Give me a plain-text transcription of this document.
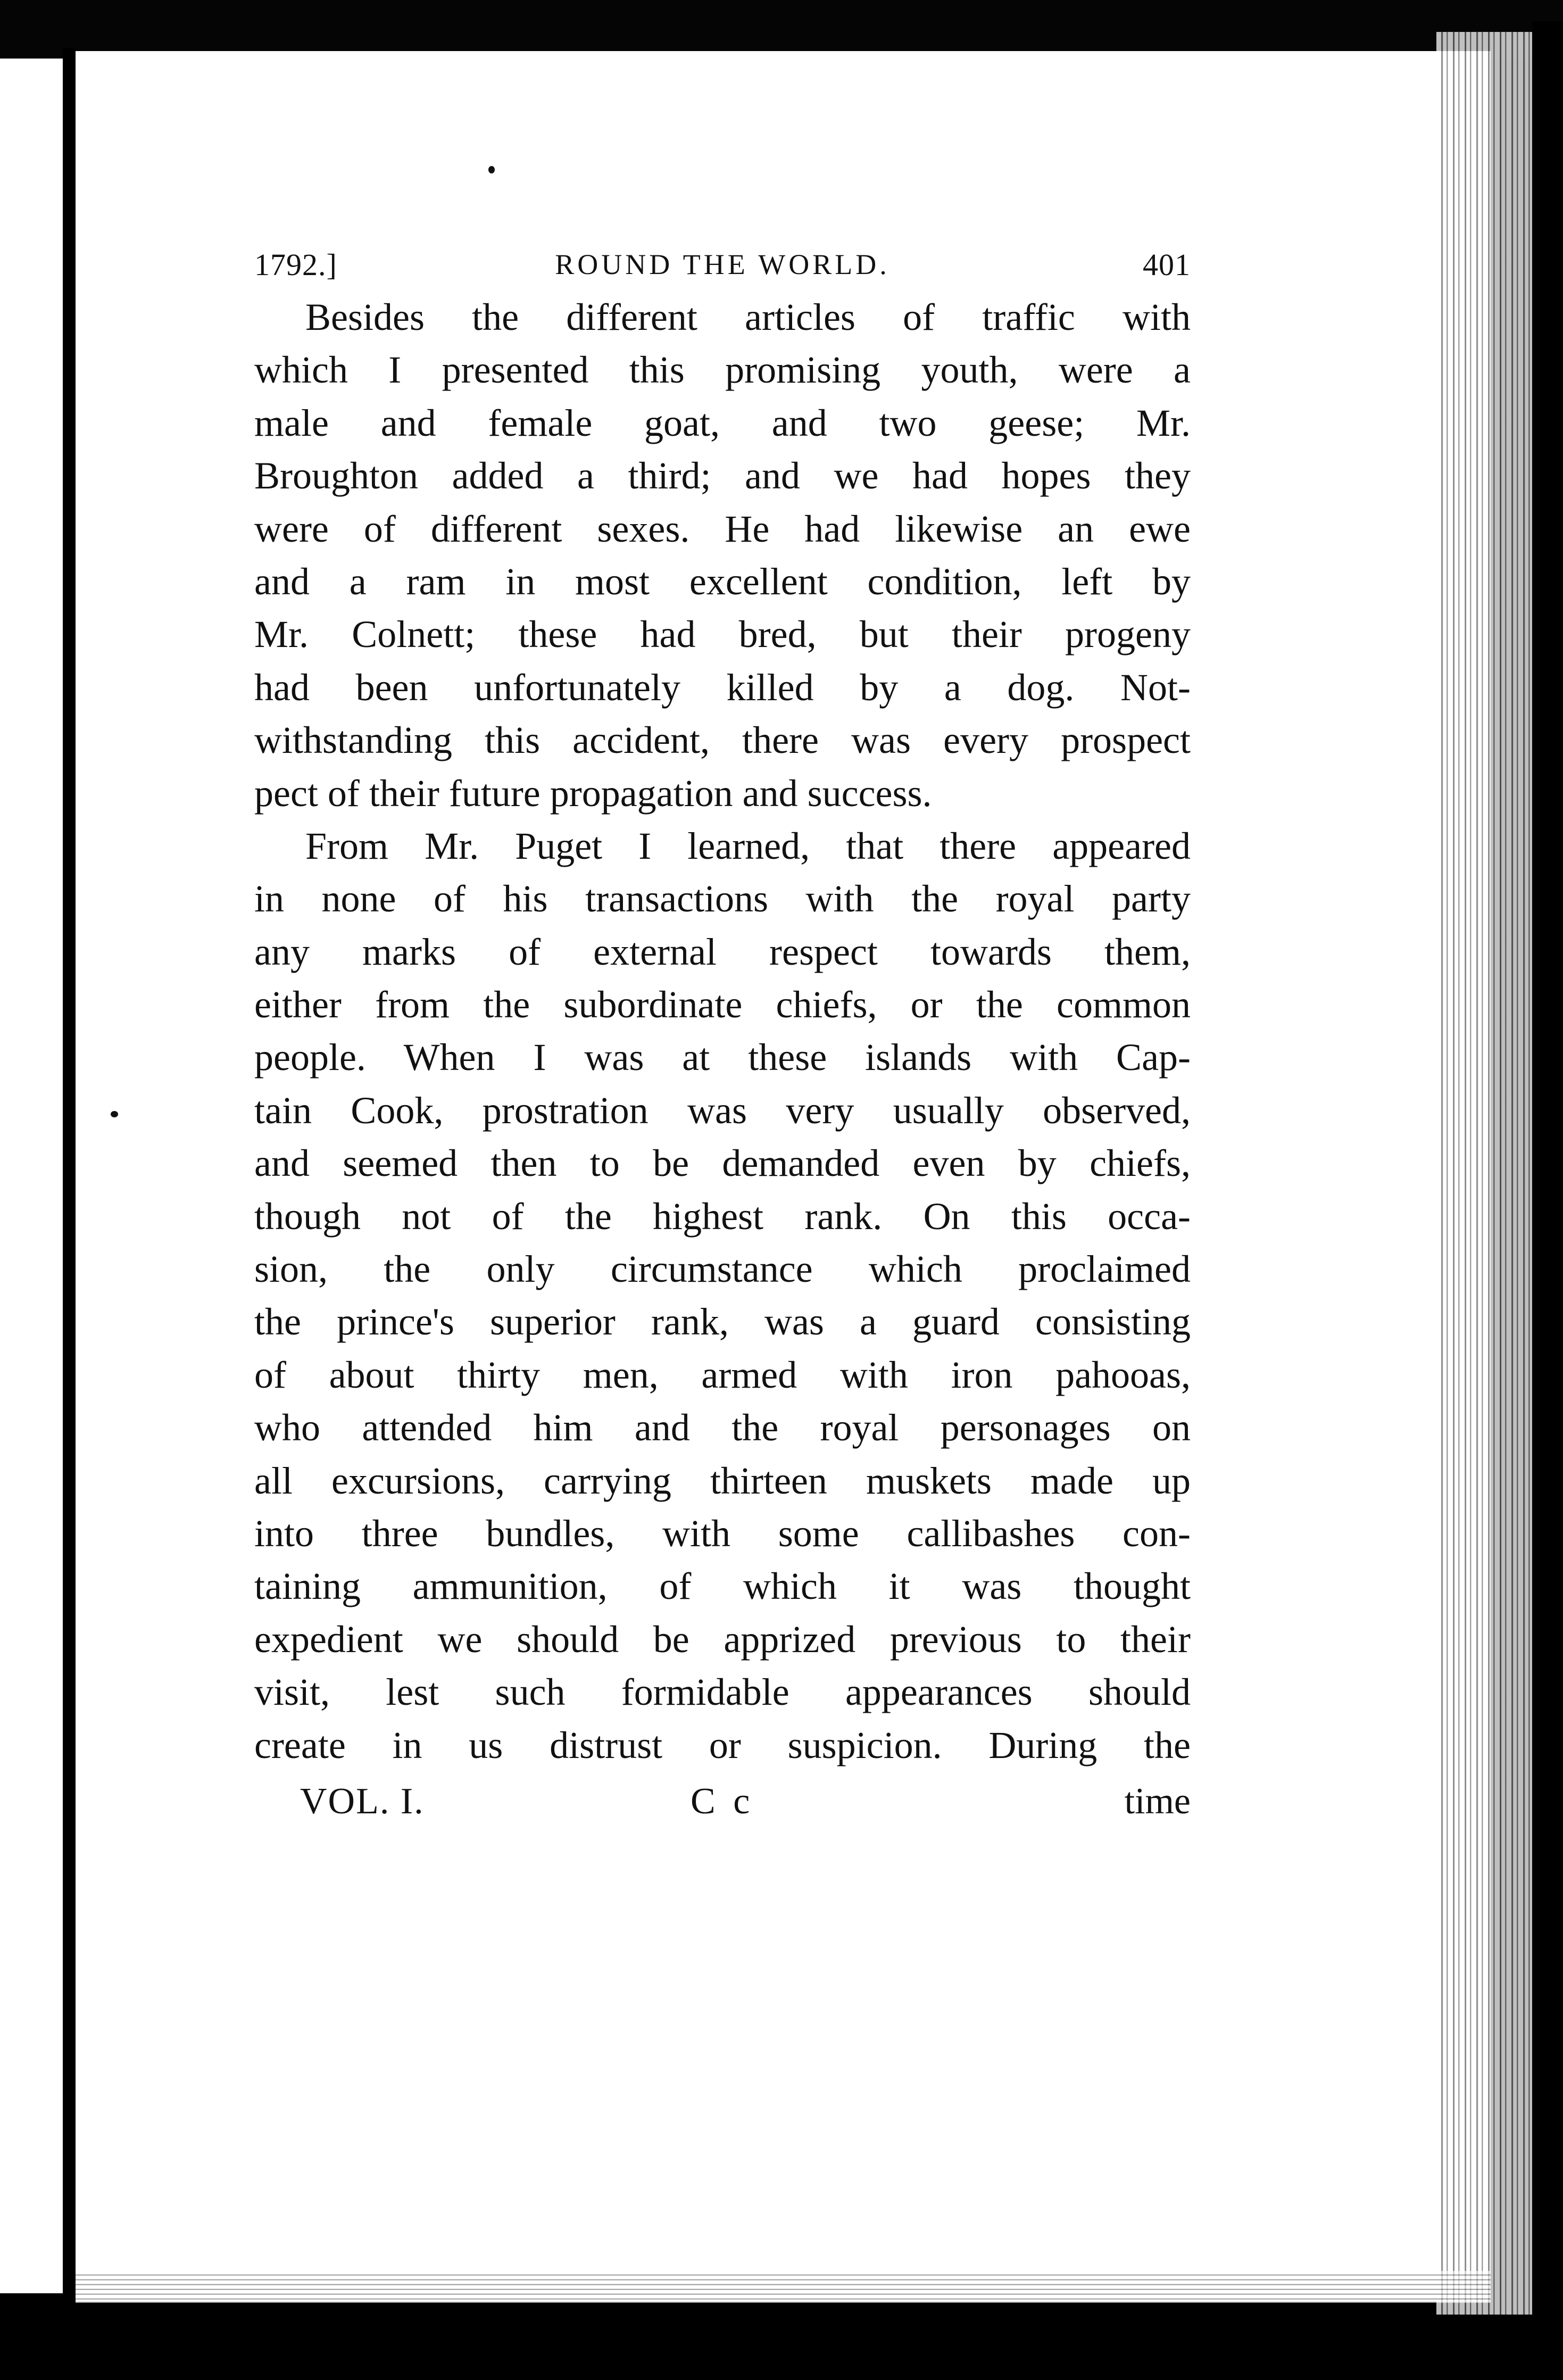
1792.]	ROUND THE WORLD.	401
Besides the different articles of traffic with
which I presented this promising youth, were a
male and female goat, and two geese; Mr.
Broughton added a third; and we had hopes they
were of different sexes. He had likewise an ewe
and a ram in most excellent condition, left by
Mr. Colnett; these had bred, but their progeny
had been unfortunately killed by a dog. Not-
withstanding this accident, there was every prospect
pect of their future propagation and success.
From Mr. Puget I learned, that there appeared
in none of his transactions with the royal party
any marks of external respect towards them,
either from the subordinate chiefs, or the common
people. When I was at these islands with Cap-
tain Cook, prostration was very usually observed,
and seemed then to be demanded even by chiefs,
though not of the highest rank. On this occa-
sion, the only circumstance which proclaimed
the prince's superior rank, was a guard consisting
of about thirty men, armed with iron pahooas,
who attended him and the royal personages on
all excursions, carrying thirteen muskets made up
into three bundles, with some callibashes con-
taining ammunition, of which it was thought
expedient we should be apprized previous to their
visit, lest such formidable appearances should
create in us distrust or suspicion. During the
VOL. I.	C c	time
